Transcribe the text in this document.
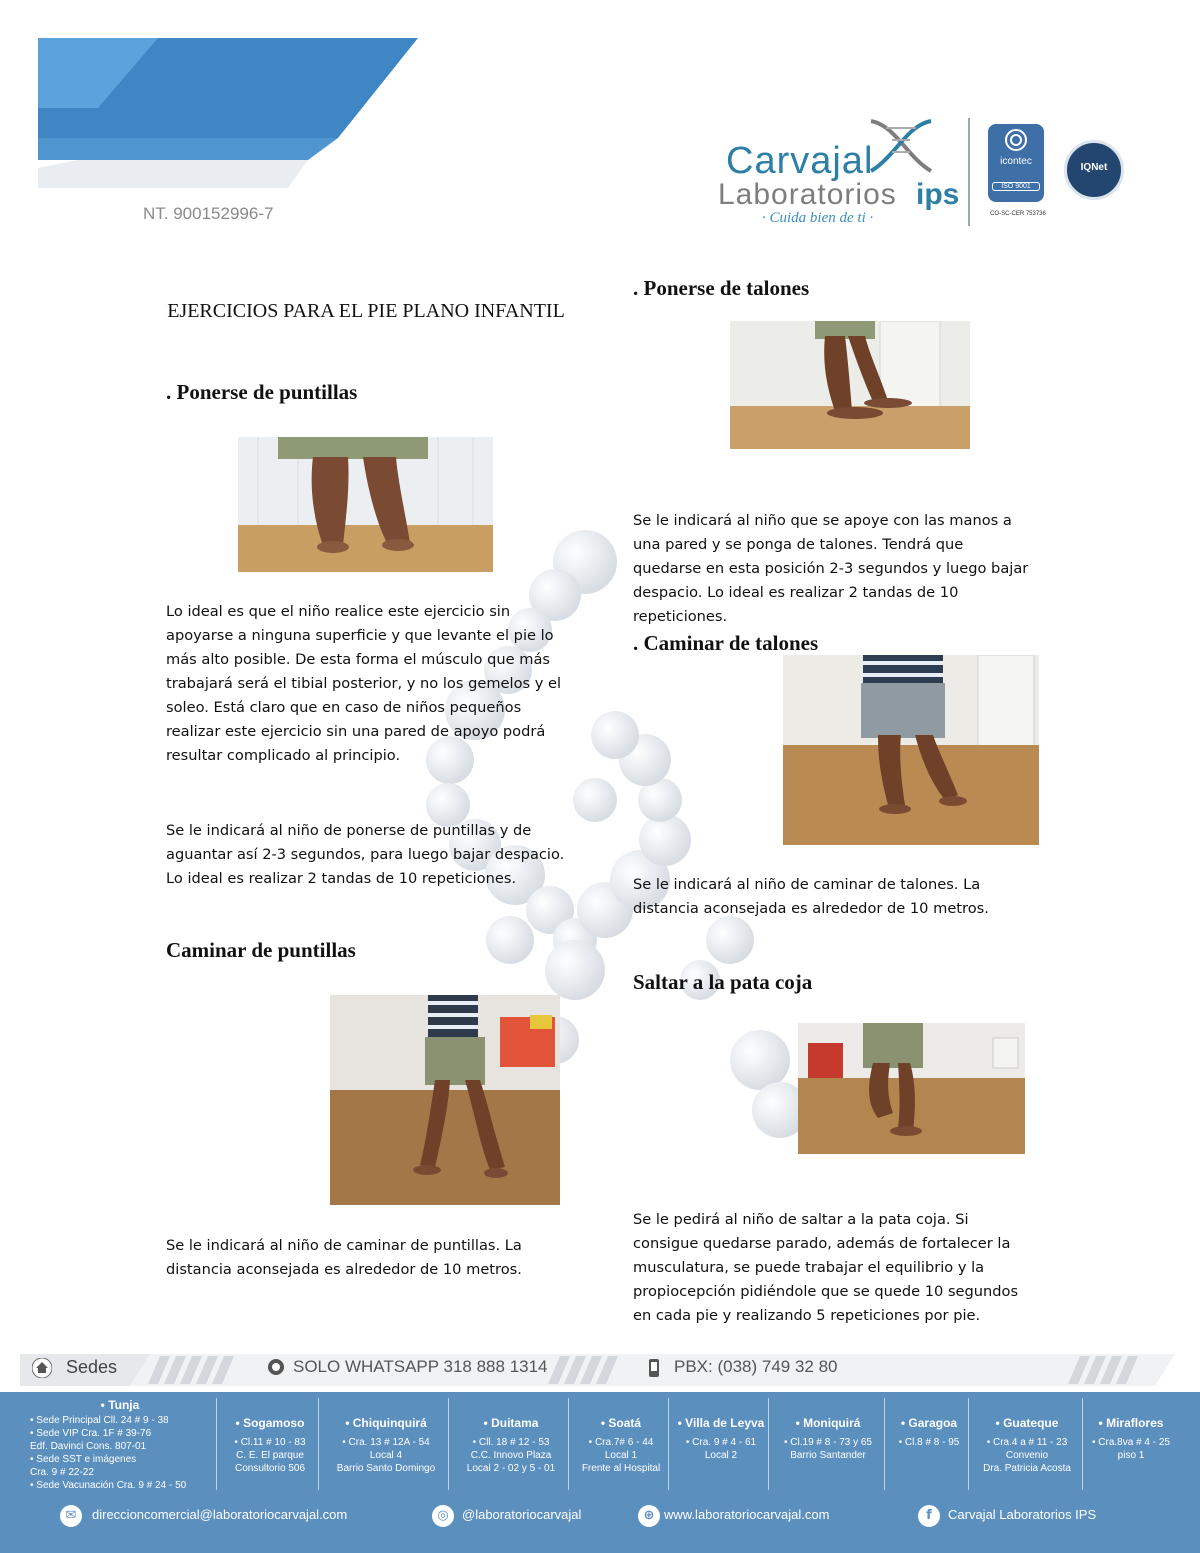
NT. 900152996-7
Carvajal
Laboratorios ips
· Cuida bien de ti ·
icontec
ISO 9001
CO-SC-CER 753736
IQNet
EJERCICIOS PARA EL PIE PLANO INFANTIL
. Ponerse de puntillas
Lo ideal es que el niño realice este ejercicio sin apoyarse a ninguna superficie y que levante el pie lo más alto posible. De esta forma el músculo que más trabajará será el tibial posterior, y no los gemelos y el soleo. Está claro que en caso de niños pequeños realizar este ejercicio sin una pared de apoyo podrá resultar complicado al principio.
Se le indicará al niño de ponerse de puntillas y de aguantar así 2-3 segundos, para luego bajar despacio. Lo ideal es realizar 2 tandas de 10 repeticiones.
Caminar de puntillas
Se le indicará al niño de caminar de puntillas. La distancia aconsejada es alrededor de 10 metros.
. Ponerse de talones
Se le indicará al niño que se apoye con las manos a una pared y se ponga de talones. Tendrá que quedarse en esta posición 2-3 segundos y luego bajar despacio. Lo ideal es realizar 2 tandas de 10 repeticiones.
. Caminar de talones
Se le indicará al niño de caminar de talones. La distancia aconsejada es alrededor de 10 metros.
Saltar a la pata coja
Se le pedirá al niño de saltar a la pata coja. Si consigue quedarse parado, además de fortalecer la musculatura, se puede trabajar el equilibrio y la propiocepción pidiéndole que se quede 10 segundos en cada pie y realizando 5 repeticiones por pie.
Sedes	SOLO WHATSAPP 318 888 1314	PBX: (038) 749 32 80
• Tunja
• Sede Principal Cll. 24 # 9 - 38
• Sede VIP Cra. 1F # 39-76
Edf. Davinci Cons. 807-01
• Sede SST e imágenes
Cra. 9 # 22-22
• Sede Vacunación Cra. 9 # 24 - 50
• Sogamoso
• Cl.11 # 10 - 83
C. E. El parque
Consultorio 506
• Chiquinquirá
• Cra. 13 # 12A - 54
Local 4
Barrio Santo Domingo
• Duitama
• Cll. 18 # 12 - 53
C.C. Innovo Plaza
Local 2 - 02 y 5 - 01
• Soatá
• Cra.7# 6 - 44
Local 1
Frente al Hospital
• Villa de Leyva
• Cra. 9 # 4 - 61
Local 2
• Moniquirá
• Cl.19 # 8 - 73 y 65
Barrio Santander
• Garagoa
• Cl.8 # 8 - 95
• Guateque
• Cra.4 a # 11 - 23
Convenio
Dra. Patricia Acosta
• Miraflores
• Cra.8va # 4 - 25
piso 1
✉	direccioncomercial@laboratoriocarvajal.com	◎	@laboratoriocarvajal	⊕ www.laboratoriocarvajal.com	f	Carvajal Laboratorios IPS
